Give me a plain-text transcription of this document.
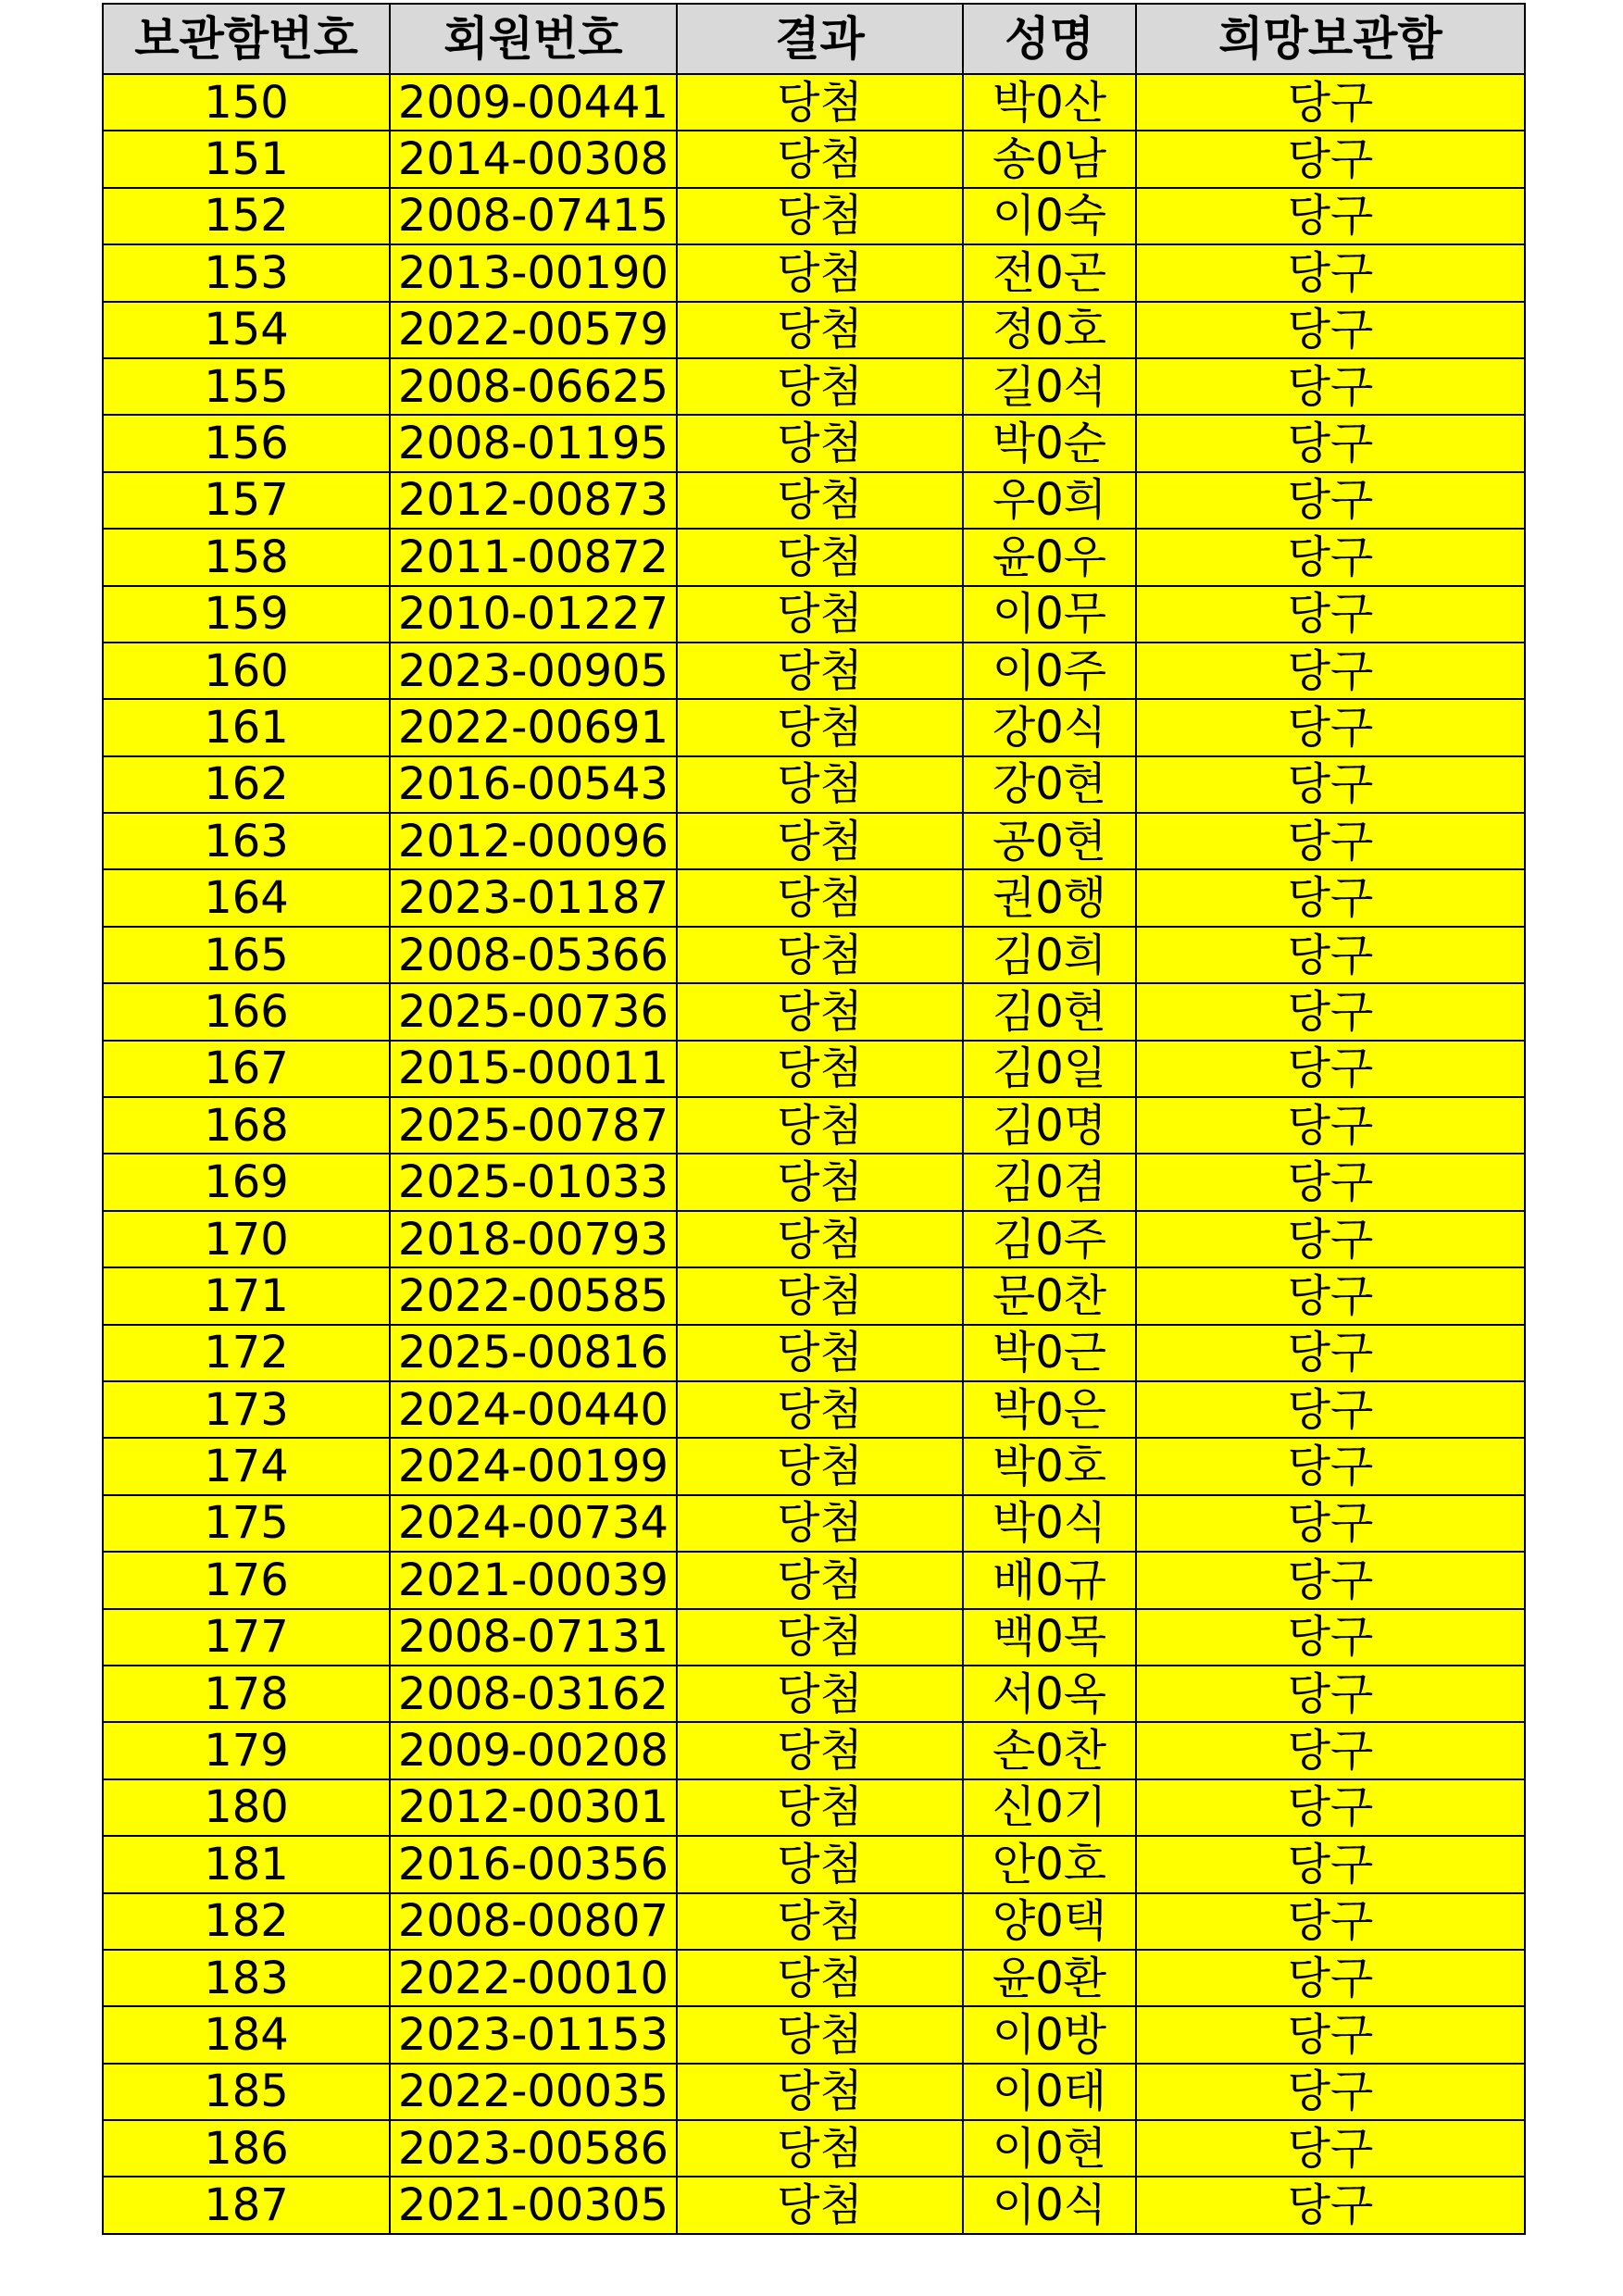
보관함번호	회원번호	결과	성명	희망보관함
150	2009-00441	당첨	박0산	당구
151	2014-00308	당첨	송0남	당구
152	2008-07415	당첨	이0숙	당구
153	2013-00190	당첨	전0곤	당구
154	2022-00579	당첨	정0호	당구
155	2008-06625	당첨	길0석	당구
156	2008-01195	당첨	박0순	당구
157	2012-00873	당첨	우0희	당구
158	2011-00872	당첨	윤0우	당구
159	2010-01227	당첨	이0무	당구
160	2023-00905	당첨	이0주	당구
161	2022-00691	당첨	강0식	당구
162	2016-00543	당첨	강0현	당구
163	2012-00096	당첨	공0현	당구
164	2023-01187	당첨	권0행	당구
165	2008-05366	당첨	김0희	당구
166	2025-00736	당첨	김0현	당구
167	2015-00011	당첨	김0일	당구
168	2025-00787	당첨	김0명	당구
169	2025-01033	당첨	김0겸	당구
170	2018-00793	당첨	김0주	당구
171	2022-00585	당첨	문0찬	당구
172	2025-00816	당첨	박0근	당구
173	2024-00440	당첨	박0은	당구
174	2024-00199	당첨	박0호	당구
175	2024-00734	당첨	박0식	당구
176	2021-00039	당첨	배0규	당구
177	2008-07131	당첨	백0목	당구
178	2008-03162	당첨	서0옥	당구
179	2009-00208	당첨	손0찬	당구
180	2012-00301	당첨	신0기	당구
181	2016-00356	당첨	안0호	당구
182	2008-00807	당첨	양0택	당구
183	2022-00010	당첨	윤0환	당구
184	2023-01153	당첨	이0방	당구
185	2022-00035	당첨	이0태	당구
186	2023-00586	당첨	이0현	당구
187	2021-00305	당첨	이0식	당구
